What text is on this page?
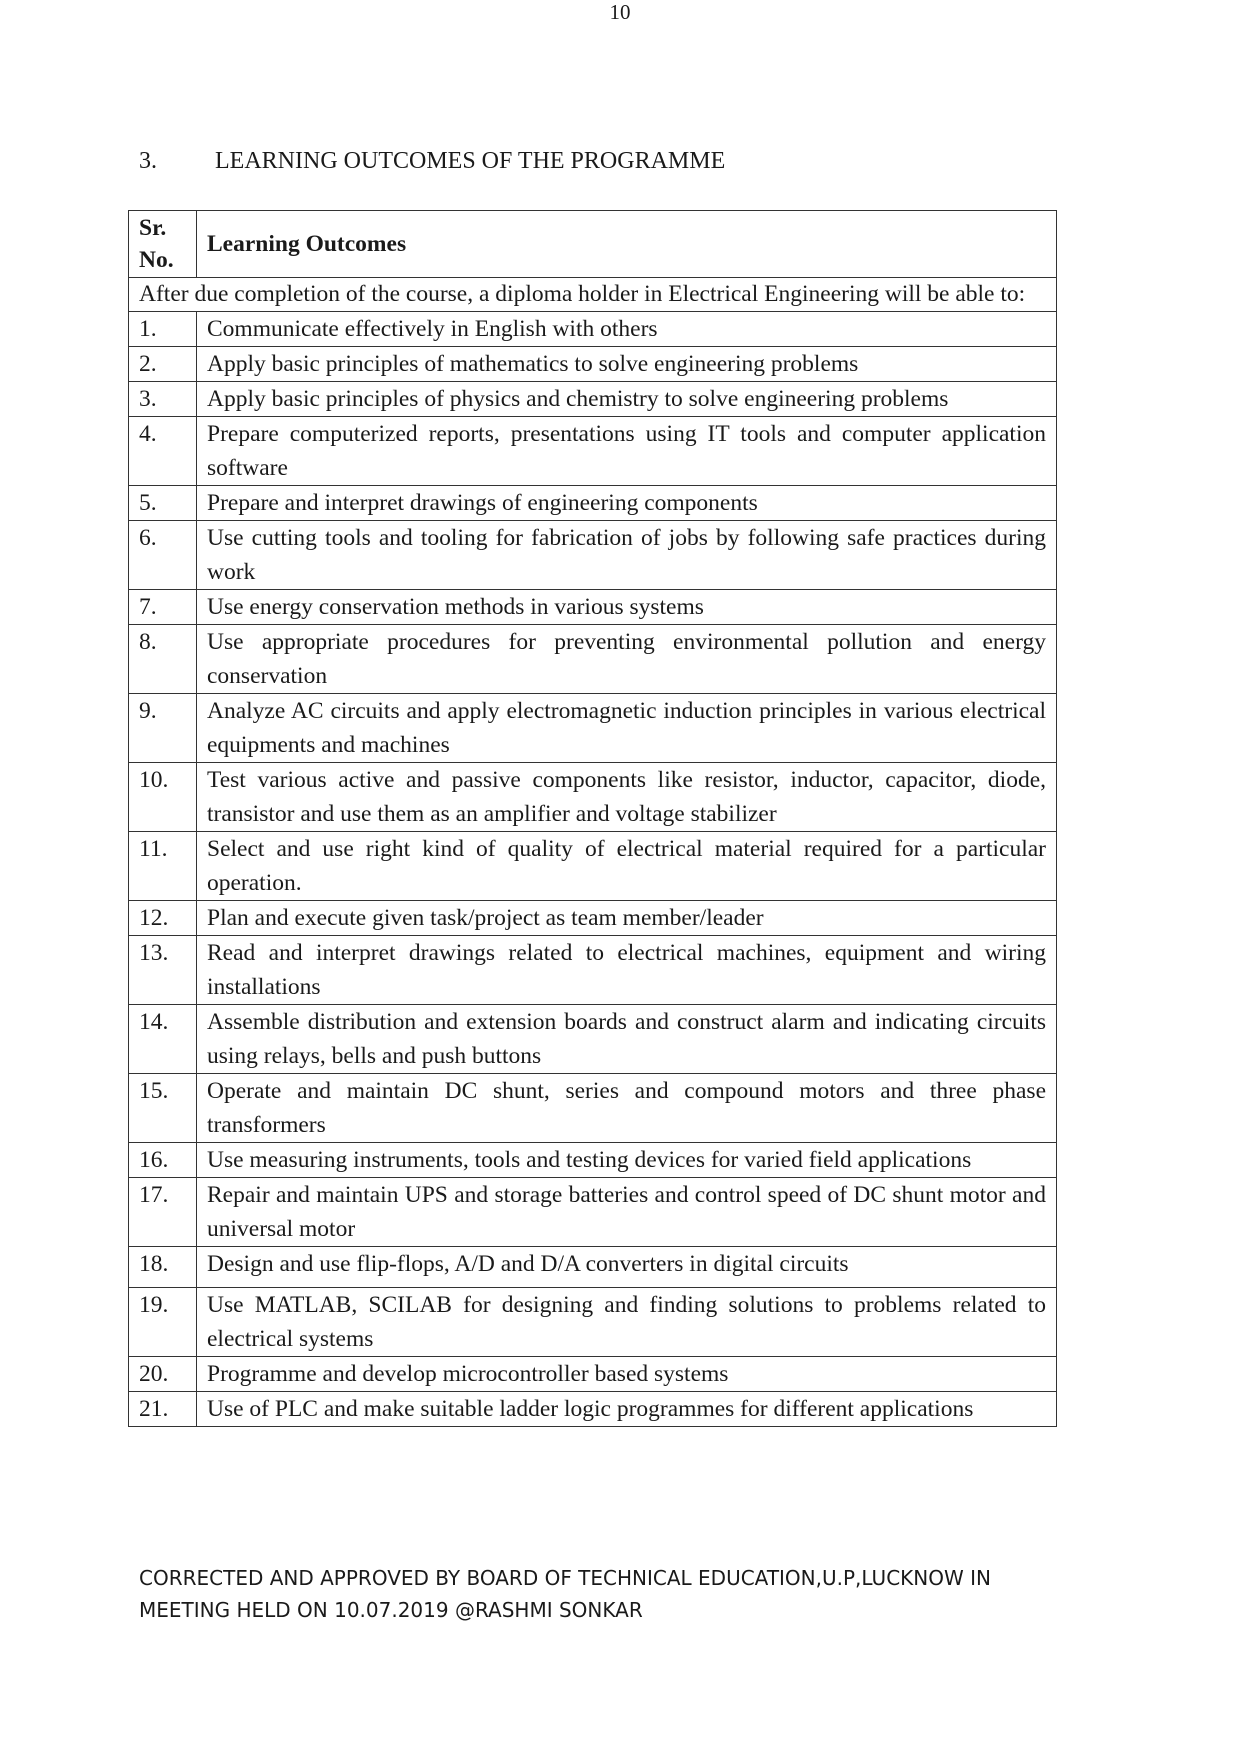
10
3. LEARNING OUTCOMES OF THE PROGRAMME
Sr. No.	Learning Outcomes
After due completion of the course, a diploma holder in Electrical Engineering will be able to:	
1.	Communicate effectively in English with others
2.	Apply basic principles of mathematics to solve engineering problems
3.	Apply basic principles of physics and chemistry to solve engineering problems
4.	Prepare computerized reports, presentations using IT tools and computer application software
5.	Prepare and interpret drawings of engineering components
6.	Use cutting tools and tooling for fabrication of jobs by following safe practices during work
7.	Use energy conservation methods in various systems
8.	Use appropriate procedures for preventing environmental pollution and energy conservation
9.	Analyze AC circuits and apply electromagnetic induction principles in various electrical equipments and machines
10.	Test various active and passive components like resistor, inductor, capacitor, diode, transistor and use them as an amplifier and voltage stabilizer
11.	Select and use right kind of quality of electrical material required for a particular operation.
12.	Plan and execute given task/project as team member/leader
13.	Read and interpret drawings related to electrical machines, equipment and wiring installations
14.	Assemble distribution and extension boards and construct alarm and indicating circuits using relays, bells and push buttons
15.	Operate and maintain DC shunt, series and compound motors and three phase transformers
16.	Use measuring instruments, tools and testing devices for varied field applications
17.	Repair and maintain UPS and storage batteries and control speed of DC shunt motor and universal motor
18.	Design and use flip-flops, A/D and D/A converters in digital circuits
19.	Use MATLAB, SCILAB for designing and finding solutions to problems related to electrical systems
20.	Programme and develop microcontroller based systems
21.	Use of PLC and make suitable ladder logic programmes for different applications
CORRECTED AND APPROVED BY BOARD OF TECHNICAL EDUCATION,U.P,LUCKNOW IN
MEETING HELD ON 10.07.2019 @RASHMI SONKAR
